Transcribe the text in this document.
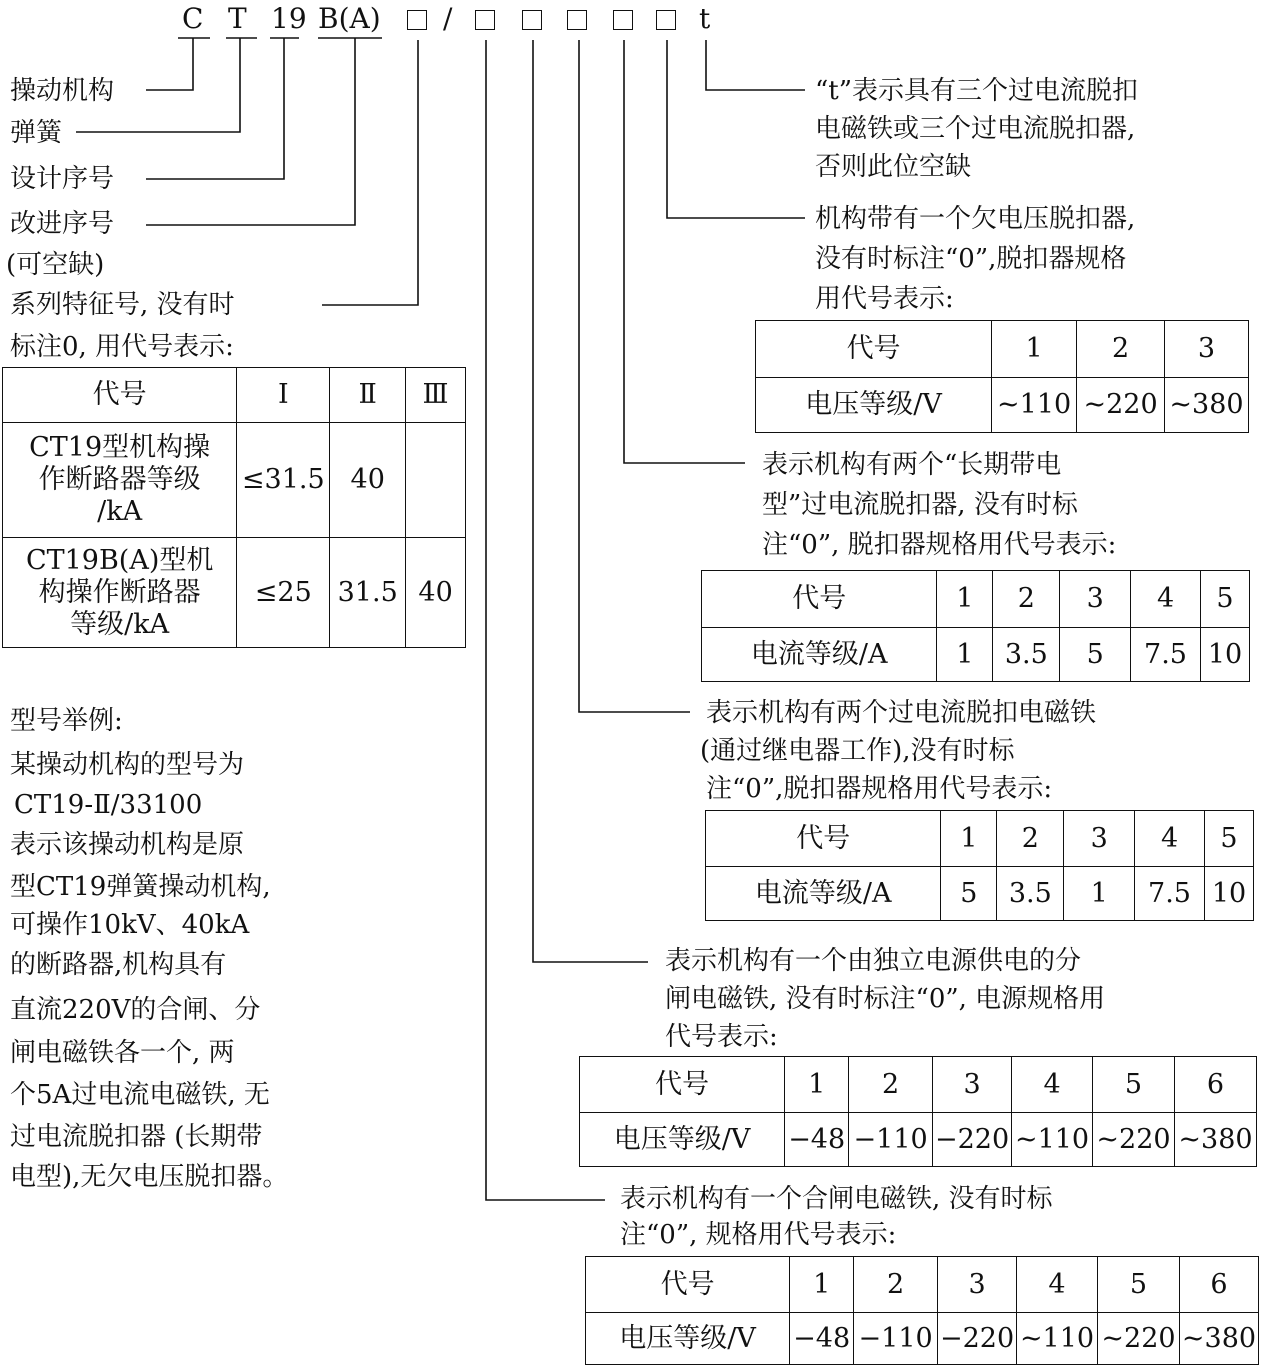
C T 19 B(A) /	t
操动机构
弹簧
设计序号
改进序号
(可空缺)
系列特征号, 没有时
标注0, 用代号表示:
代号	Ⅰ	Ⅱ	Ⅲ

CT19型机构操
作断路器等级
/kA	≤31.5	40	

CT19B(A)型机
构操作断路器
等级/kA	≤25	31.5	40
型号举例:
某操动机构的型号为
CT19-Ⅱ/33100
表示该操动机构是原
型CT19弹簧操动机构,
可操作10kV、40kA
的断路器,机构具有
直流220V的合闸、分
闸电磁铁各一个, 两
个5A过电流电磁铁, 无
过电流脱扣器 (长期带
电型),无欠电压脱扣器。
“t”表示具有三个过电流脱扣
电磁铁或三个过电流脱扣器,
否则此位空缺
机构带有一个欠电压脱扣器,
没有时标注“0”,脱扣器规格
用代号表示:
代号	1	2	3
电压等级/V	~110	~220	~380
表示机构有两个“长期带电
型”过电流脱扣器, 没有时标
注“0”, 脱扣器规格用代号表示:
代号	1	2	3	4	5
电流等级/A	1	3.5	5	7.5	10
表示机构有两个过电流脱扣电磁铁
(通过继电器工作),没有时标
注“0”,脱扣器规格用代号表示:
代号	1	2	3	4	5
电流等级/A	5	3.5	1	7.5	10
表示机构有一个由独立电源供电的分
闸电磁铁, 没有时标注“0”, 电源规格用
代号表示:
代号	1	2	3	4	5	6
电压等级/V	−48	−110	−220	~110	~220	~380
表示机构有一个合闸电磁铁, 没有时标
注“0”, 规格用代号表示:
代号	1	2	3	4	5	6
电压等级/V	−48	−110	−220	~110	~220	~380
